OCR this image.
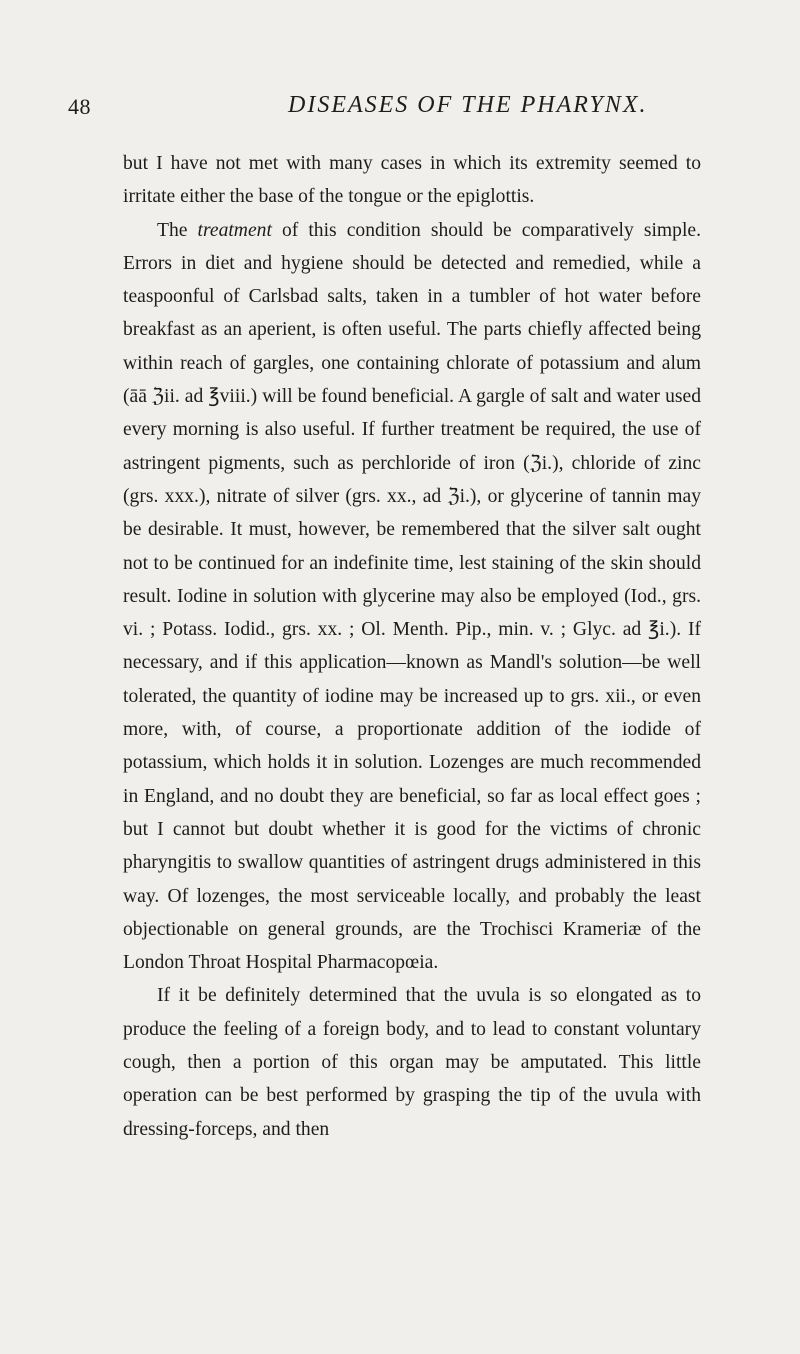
48	DISEASES OF THE PHARYNX.

but I have not met with many cases in which its extremity seemed to irritate either the base of the tongue or the epiglottis.

The treatment of this condition should be comparatively simple. Errors in diet and hygiene should be detected and remedied, while a teaspoonful of Carlsbad salts, taken in a tumbler of hot water before breakfast as an aperient, is often useful. The parts chiefly affected being within reach of gargles, one containing chlorate of potassium and alum (āā ℨii. ad ℥viii.) will be found beneficial. A gargle of salt and water used every morning is also useful. If further treatment be required, the use of astringent pigments, such as perchloride of iron (ℨi.), chloride of zinc (grs. xxx.), nitrate of silver (grs. xx., ad ℨi.), or glycerine of tannin may be desirable. It must, however, be remembered that the silver salt ought not to be continued for an indefinite time, lest staining of the skin should result. Iodine in solution with glycerine may also be employed (Iod., grs. vi. ; Potass. Iodid., grs. xx. ; Ol. Menth. Pip., min. v. ; Glyc. ad ℥i.). If necessary, and if this application—known as Mandl's solution—be well tolerated, the quantity of iodine may be increased up to grs. xii., or even more, with, of course, a proportionate addition of the iodide of potassium, which holds it in solution. Lozenges are much recommended in England, and no doubt they are beneficial, so far as local effect goes ; but I cannot but doubt whether it is good for the victims of chronic pharyngitis to swallow quantities of astringent drugs administered in this way. Of lozenges, the most serviceable locally, and probably the least objectionable on general grounds, are the Trochisci Krameriæ of the London Throat Hospital Pharmacopœia.

If it be definitely determined that the uvula is so elongated as to produce the feeling of a foreign body, and to lead to constant voluntary cough, then a portion of this organ may be amputated. This little operation can be best performed by grasping the tip of the uvula with dressing-forceps, and then
